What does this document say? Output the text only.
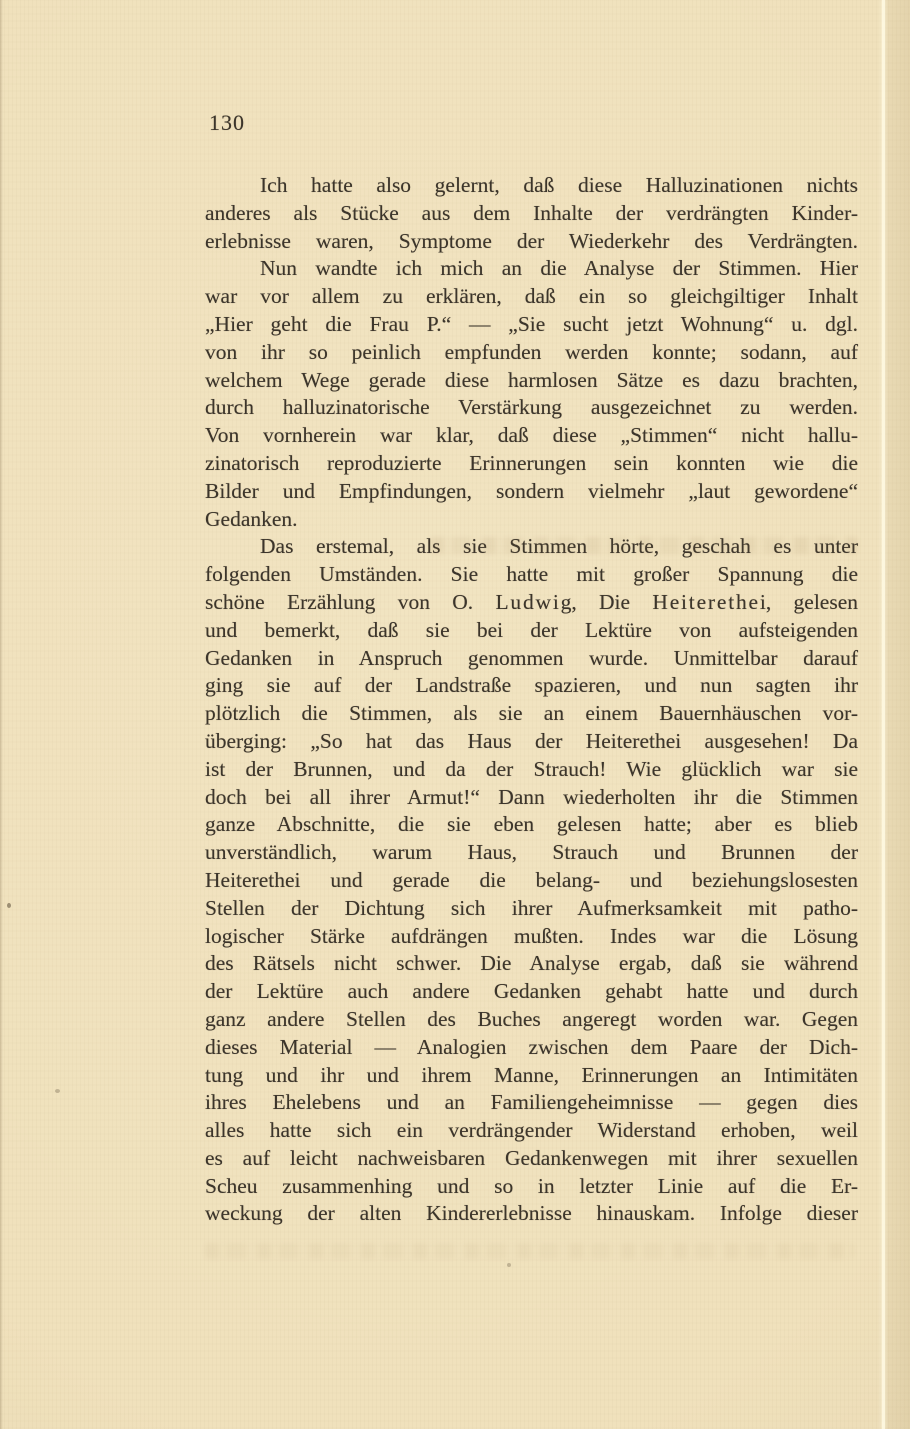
130
Ich hatte also gelernt, daß diese Halluzinationen nichts
anderes als Stücke aus dem Inhalte der verdrängten Kinder-
erlebnisse waren, Symptome der Wiederkehr des Verdrängten.
Nun wandte ich mich an die Analyse der Stimmen. Hier
war vor allem zu erklären, daß ein so gleichgiltiger Inhalt
„Hier geht die Frau P.“ — „Sie sucht jetzt Wohnung“ u. dgl.
von ihr so peinlich empfunden werden konnte; sodann, auf
welchem Wege gerade diese harmlosen Sätze es dazu brachten,
durch halluzinatorische Verstärkung ausgezeichnet zu werden.
Von vornherein war klar, daß diese „Stimmen“ nicht hallu-
zinatorisch reproduzierte Erinnerungen sein konnten wie die
Bilder und Empfindungen, sondern vielmehr „laut gewordene“
Gedanken.
Das erstemal, als sie Stimmen hörte, geschah es unter
folgenden Umständen. Sie hatte mit großer Spannung die
schöne Erzählung von O. L u d w i g, Die H e i t e r e t h e i, gelesen
und bemerkt, daß sie bei der Lektüre von aufsteigenden
Gedanken in Anspruch genommen wurde. Unmittelbar darauf
ging sie auf der Landstraße spazieren, und nun sagten ihr
plötzlich die Stimmen, als sie an einem Bauernhäuschen vor-
überging: „So hat das Haus der Heiterethei ausgesehen! Da
ist der Brunnen, und da der Strauch! Wie glücklich war sie
doch bei all ihrer Armut!“ Dann wiederholten ihr die Stimmen
ganze Abschnitte, die sie eben gelesen hatte; aber es blieb
unverständlich, warum Haus, Strauch und Brunnen der
Heiterethei und gerade die belang- und beziehungslosesten
Stellen der Dichtung sich ihrer Aufmerksamkeit mit patho-
logischer Stärke aufdrängen mußten. Indes war die Lösung
des Rätsels nicht schwer. Die Analyse ergab, daß sie während
der Lektüre auch andere Gedanken gehabt hatte und durch
ganz andere Stellen des Buches angeregt worden war. Gegen
dieses Material — Analogien zwischen dem Paare der Dich-
tung und ihr und ihrem Manne, Erinnerungen an Intimitäten
ihres Ehelebens und an Familiengeheimnisse — gegen dies
alles hatte sich ein verdrängender Widerstand erhoben, weil
es auf leicht nachweisbaren Gedankenwegen mit ihrer sexuellen
Scheu zusammenhing und so in letzter Linie auf die Er-
weckung der alten Kindererlebnisse hinauskam. Infolge dieser
